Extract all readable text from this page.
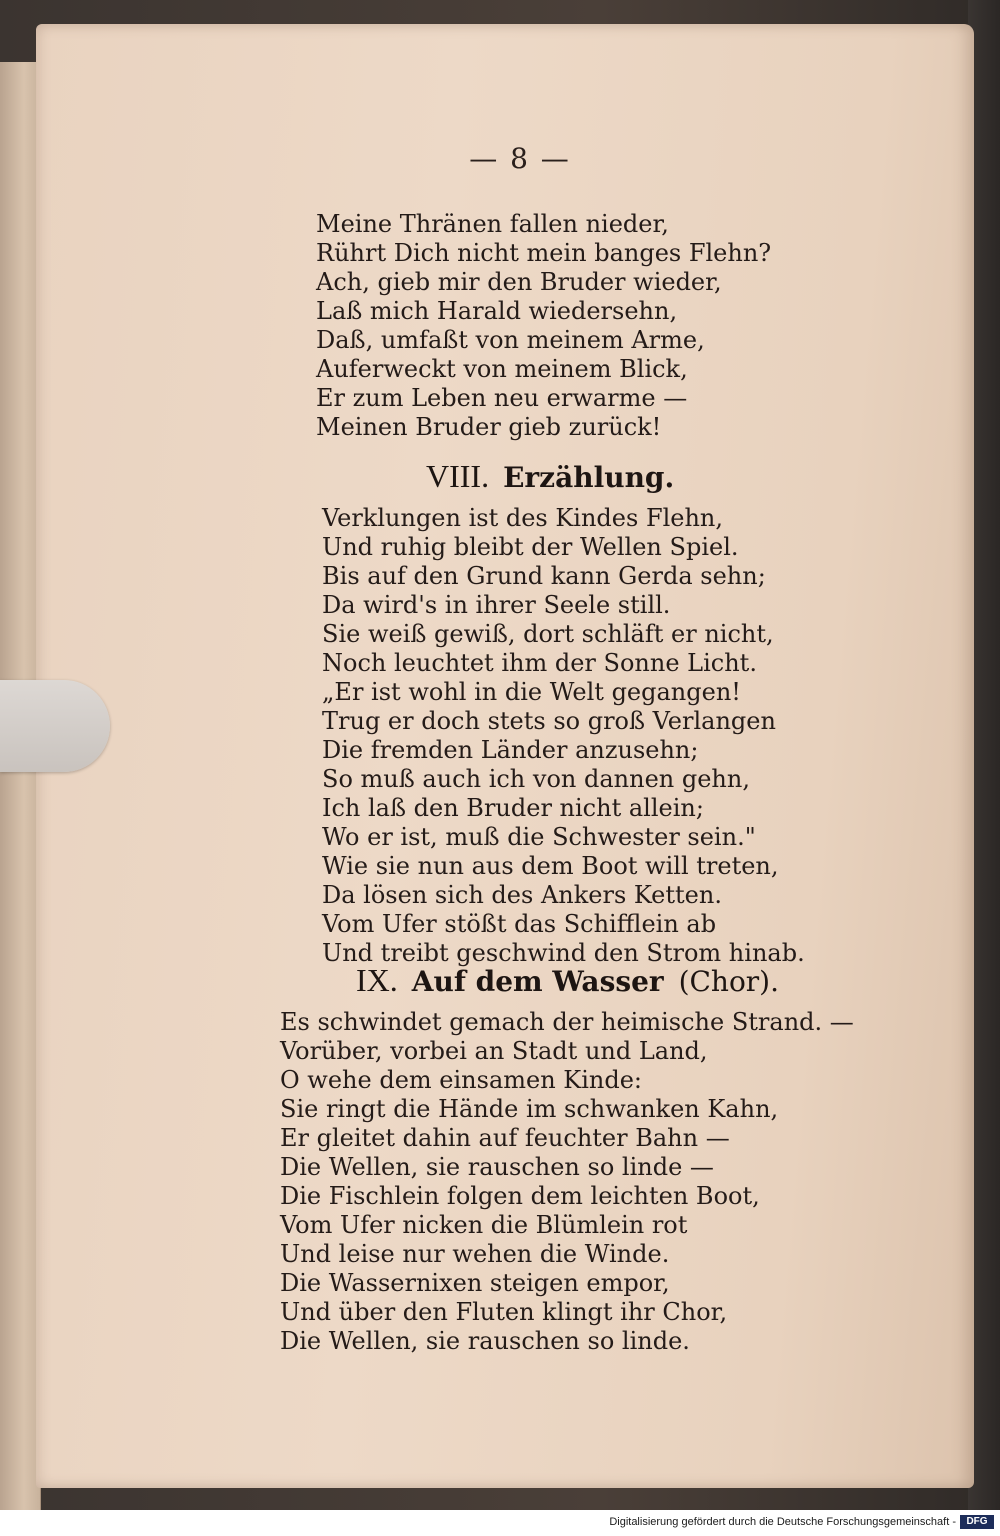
— 8 —
Meine Thränen fallen nieder,
Rührt Dich nicht mein banges Flehn?
Ach, gieb mir den Bruder wieder,
Laß mich Harald wiedersehn,
Daß, umfaßt von meinem Arme,
Auferweckt von meinem Blick,
Er zum Leben neu erwarme —
Meinen Bruder gieb zurück!
VIII. Erzählung.
Verklungen ist des Kindes Flehn,
Und ruhig bleibt der Wellen Spiel.
Bis auf den Grund kann Gerda sehn;
Da wird's in ihrer Seele still.
Sie weiß gewiß, dort schläft er nicht,
Noch leuchtet ihm der Sonne Licht.
„Er ist wohl in die Welt gegangen!
Trug er doch stets so groß Verlangen
Die fremden Länder anzusehn;
So muß auch ich von dannen gehn,
Ich laß den Bruder nicht allein;
Wo er ist, muß die Schwester sein."
Wie sie nun aus dem Boot will treten,
Da lösen sich des Ankers Ketten.
Vom Ufer stößt das Schifflein ab
Und treibt geschwind den Strom hinab.
IX. Auf dem Wasser (Chor).
Es schwindet gemach der heimische Strand. —
Vorüber, vorbei an Stadt und Land,
O wehe dem einsamen Kinde:
Sie ringt die Hände im schwanken Kahn,
Er gleitet dahin auf feuchter Bahn —
Die Wellen, sie rauschen so linde —
Die Fischlein folgen dem leichten Boot,
Vom Ufer nicken die Blümlein rot
Und leise nur wehen die Winde.
Die Wassernixen steigen empor,
Und über den Fluten klingt ihr Chor,
Die Wellen, sie rauschen so linde.
Digitalisierung gefördert durch die Deutsche Forschungsgemeinschaft -	DFG
